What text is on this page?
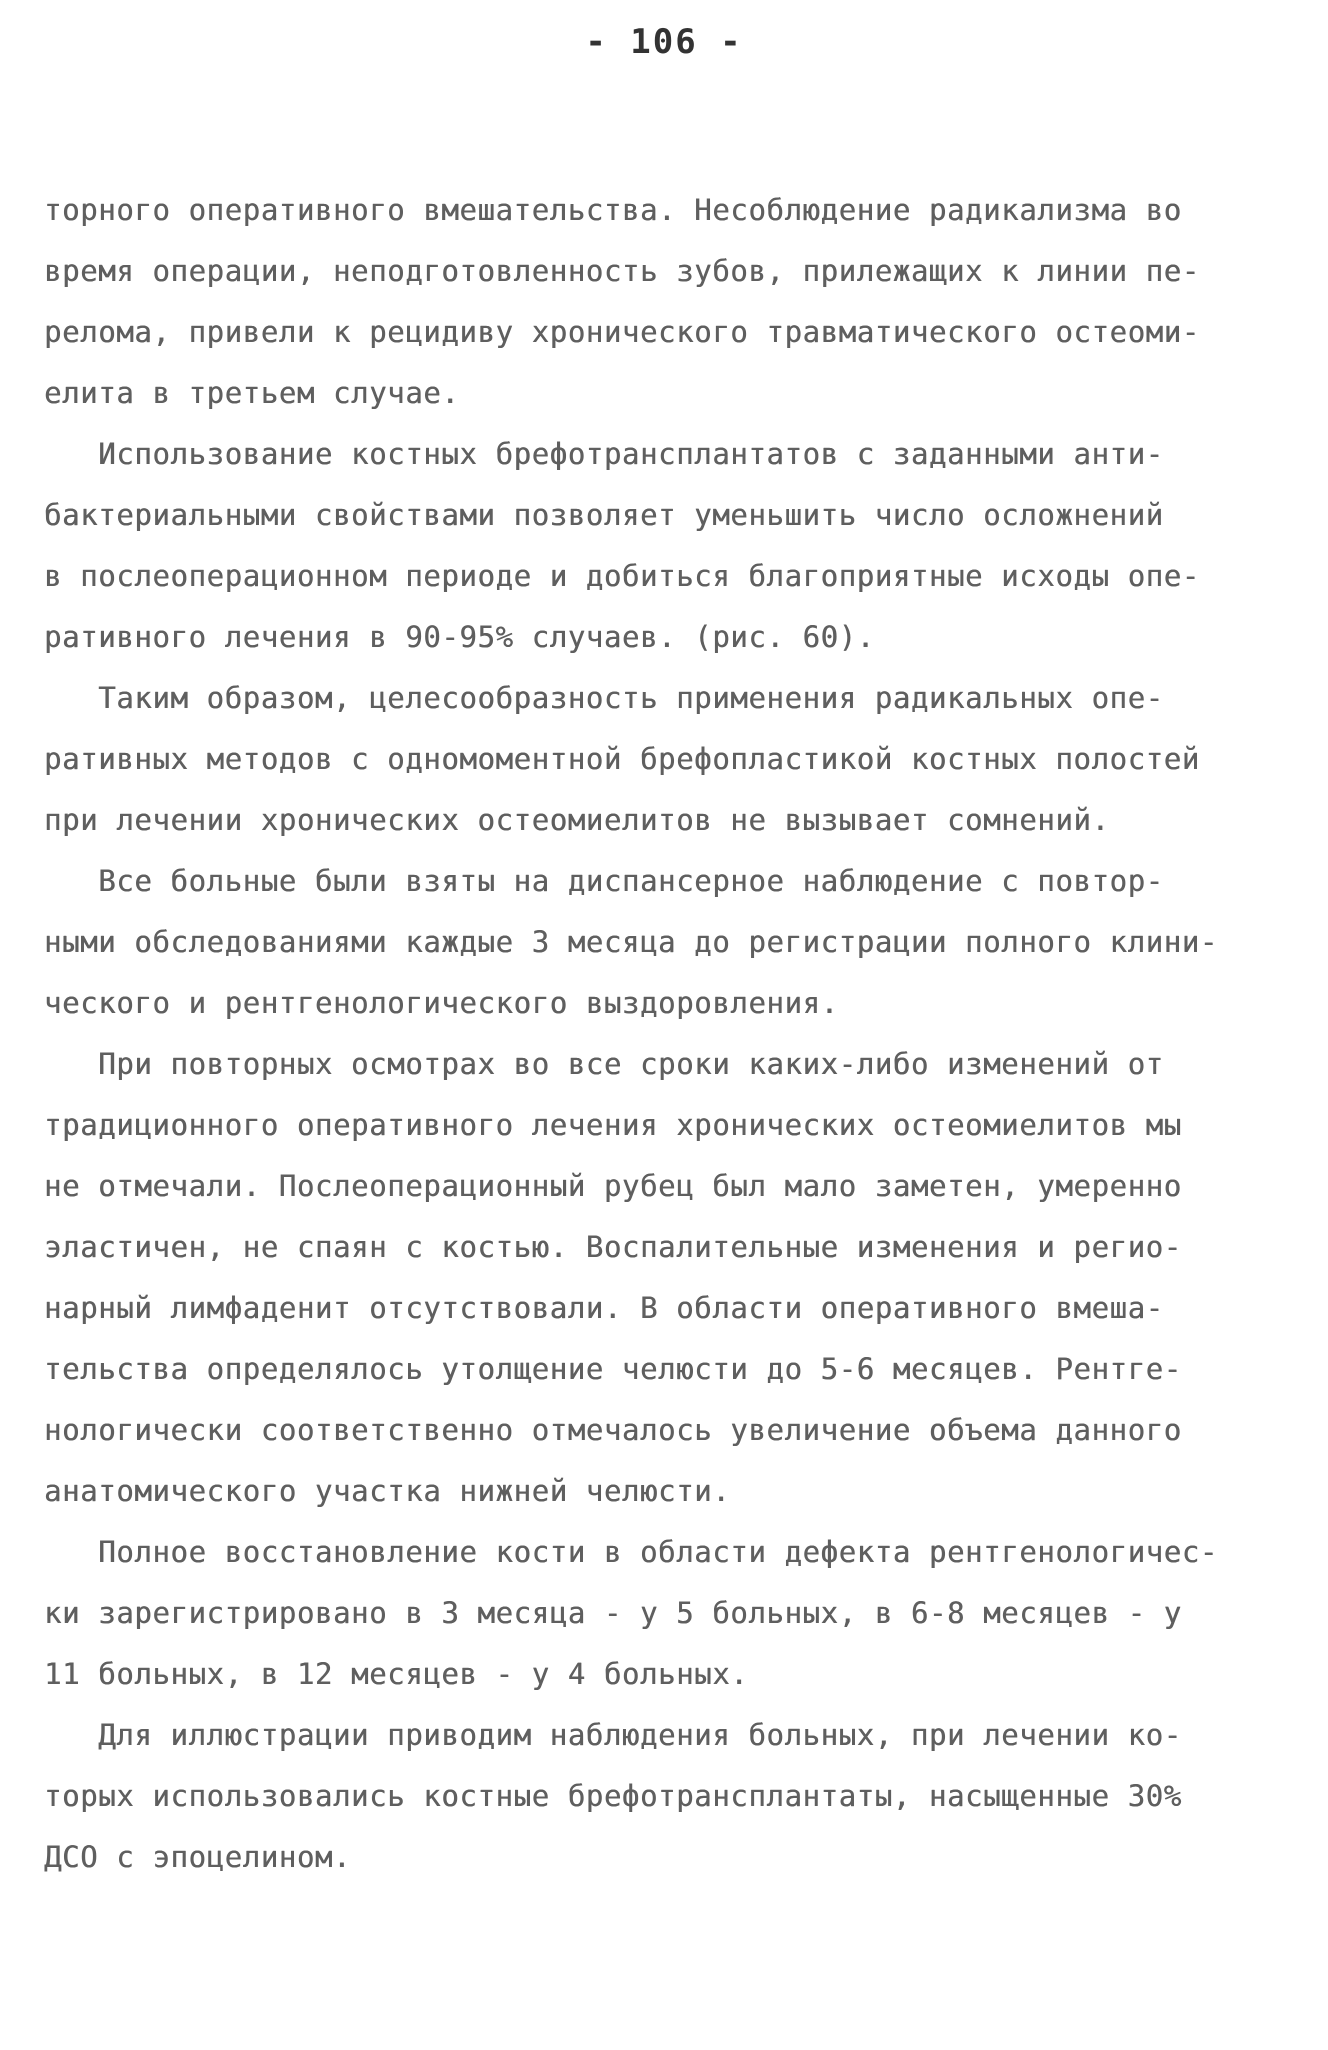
- 106 -
торного оперативного вмешательства. Несоблюдение радикализма во
время операции, неподготовленность зубов, прилежащих к линии пе-
релома, привели к рецидиву хронического травматического остеоми-
елита в третьем случае.
Использование костных брефотрансплантатов с заданными анти-
бактериальными свойствами позволяет уменьшить число осложнений
в послеоперационном периоде и добиться благоприятные исходы опе-
ративного лечения в 90-95% случаев. (рис. 60).
Таким образом, целесообразность применения радикальных опе-
ративных методов с одномоментной брефопластикой костных полостей
при лечении хронических остеомиелитов не вызывает сомнений.
Все больные были взяты на диспансерное наблюдение с повтор-
ными обследованиями каждые 3 месяца до регистрации полного клини-
ческого и рентгенологического выздоровления.
При повторных осмотрах во все сроки каких-либо изменений от
традиционного оперативного лечения хронических остеомиелитов мы
не отмечали. Послеоперационный рубец был мало заметен, умеренно
эластичен, не спаян с костью. Воспалительные изменения и регио-
нарный лимфаденит отсутствовали. В области оперативного вмеша-
тельства определялось утолщение челюсти до 5-6 месяцев. Рентге-
нологически соответственно отмечалось увеличение объема данного
анатомического участка нижней челюсти.
Полное восстановление кости в области дефекта рентгенологичес-
ки зарегистрировано в 3 месяца - у 5 больных, в 6-8 месяцев - у
11 больных, в 12 месяцев - у 4 больных.
Для иллюстрации приводим наблюдения больных, при лечении ко-
торых использовались костные брефотрансплантаты, насыщенные 30%
ДСО с эпоцелином.
